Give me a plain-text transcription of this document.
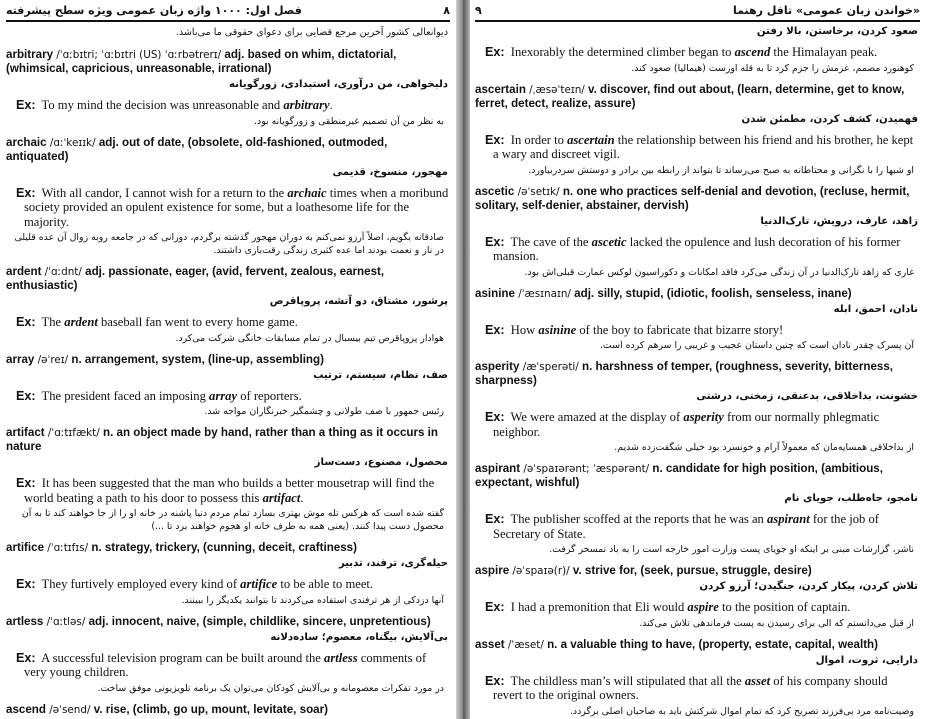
فصل اول: ۱۰۰۰ واژه زبان عمومی ویژه سطح پیشرفته	۸
دیوانعالی کشور آخرین مرجع قضایی برای دعوای حقوقی ما می‌باشد.
arbitrary /ˈɑːbɪtri; ˈɑːbɪtri (US) ˈɑːrbətrerɪ/ adj. based on whim, dictatorial, (whimsical, capricious, unreasonable, irrational)
دلبخواهی، من درآوری، استبدادی، زورگویانه
Ex: To my mind the decision was unreasonable and arbitrary.
به نظر من آن تصمیم غیرمنطقی و زورگویانه بود.
archaic /ɑːˈkeɪɪk/ adj. out of date, (obsolete, old-fashioned, outmoded, antiquated)
مهجور، منسوخ، قدیمی
Ex: With all candor, I cannot wish for a return to the archaic times when a moribund society provided an opulent existence for some, but a loathesome life for the majority.
صادقانه بگویم، اصلاً آرزو نمی‌کنم به دوران مهجور گذشته برگردم، دورانی که در جامعه روبه زوال آن عده قلیلی در ناز و نعمت بودند اما عده کثیری زندگی رقت‌باری داشتند.
ardent /ˈɑːdnt/ adj. passionate, eager, (avid, fervent, zealous, earnest, enthusiastic)
پرشور، مشتاق، دو آتشه، پروپاقرص
Ex: The ardent baseball fan went to every home game.
هوادار پروپاقرص تیم بیسبال در تمام مسابقات خانگی شرکت می‌کرد.
array /əˈreɪ/ n. arrangement, system, (line-up, assembling)
صف، نظام، سیستم، ترتیب
Ex: The president faced an imposing array of reporters.
رئیس جمهور با صف طولانی و چشمگیر خبرنگاران مواجه شد.
artifact /ˈɑːtɪfækt/ n. an object made by hand, rather than a thing as it occurs in nature
محصول، مصنوع، دست‌ساز
Ex: It has been suggested that the man who builds a better mousetrap will find the world beating a path to his door to possess this artifact.
گفته شده است که هرکس تله موش بهتری بسازد تمام مردم دنیا پاشنه در خانه او را از جا خواهند کند تا به آن محصول دست پیدا کنند. (یعنی همه به طرف خانه او هجوم خواهند برد تا ...)
artifice /ˈɑːtɪfɪs/ n. strategy, trickery, (cunning, deceit, craftiness)
حیله‌گری، ترفند، تدبیر
Ex: They furtively employed every kind of artifice to be able to meet.
آنها دزدکی از هر ترفندی استفاده می‌کردند تا بتوانند یکدیگر را ببینند.
artless /ˈɑːtləs/ adj. innocent, naive, (simple, childlike, sincere, unpretentious)
بی‌آلایش، بیگناه، معصوم؛ ساده‌دلانه
Ex: A successful television program can be built around the artless comments of very young children.
در مورد تفکرات معصومانه و بی‌آلایش کودکان می‌توان یک برنامه تلویزیونی موفق ساخت.
ascend /əˈsend/ v. rise, (climb, go up, mount, levitate, soar)
۹	«خواندن زبان عمومی» تافل رهنما
صعود کردن، برخاستن، بالا رفتن
Ex: Inexorably the determined climber began to ascend the Himalayan peak.
کوهنورد مصمم، عزمش را جزم کرد تا به قله اورست (هیمالیا) صعود کند.
ascertain /ˌæsəˈteɪn/ v. discover, find out about, (learn, determine, get to know, ferret, detect, realize, assure)
فهمیدن، کشف کردن، مطمئن شدن
Ex: In order to ascertain the relationship between his friend and his brother, he kept a wary and discreet vigil.
او شبها را با نگرانی و محتاطانه به صبح می‌رساند تا بتواند از رابطه بین برادر و دوستش سردربیاورد.
ascetic /əˈsetɪk/ n. one who practices self-denial and devotion, (recluse, hermit, solitary, self-denier, abstainer, dervish)
زاهد، عارف، درویش، تارک‌الدنیا
Ex: The cave of the ascetic lacked the opulence and lush decoration of his former mansion.
غاری که زاهد تارک‌الدنیا در آن زندگی می‌کرد فاقد امکانات و دکوراسیون لوکس عمارت قبلی‌اش بود.
asinine /ˈæsɪnaɪn/ adj. silly, stupid, (idiotic, foolish, senseless, inane)
نادان، احمق، ابله
Ex: How asinine of the boy to fabricate that bizarre story!
آن پسرک چقدر نادان است که چنین داستان عجیب و غریبی را سرهم کرده است.
asperity /æˈsperəti/ n. harshness of temper, (roughness, severity, bitterness, sharpness)
خشونت، بداخلاقی، بدعنقی، زمختی، درشتی
Ex: We were amazed at the display of asperity from our normally phlegmatic neighbor.
از بداخلاقی همسایه‌مان که معمولاً آرام و خونسرد بود خیلی شگفت‌زده شدیم.
aspirant /əˈspaɪərənt; ˈæspərənt/ n. candidate for high position, (ambitious, expectant, wishful)
نامجو، جاه‌طلب، جویای نام
Ex: The publisher scoffed at the reports that he was an aspirant for the job of Secretary of State.
ناشر، گزارشات مبنی بر اینکه او جویای پست وزارت امور خارجه است را به باد تمسخر گرفت.
aspire /əˈspaɪə(r)/ v. strive for, (seek, pursue, struggle, desire)
تلاش کردن، پیکار کردن، جنگیدن؛ آرزو کردن
Ex: I had a premonition that Eli would aspire to the position of captain.
از قبل می‌دانستم که الی برای رسیدن به پست فرماندهی تلاش می‌کند.
asset /ˈæset/ n. a valuable thing to have, (property, estate, capital, wealth)
دارایی، ثروت، اموال
Ex: The childless man’s will stipulated that all the asset of his company should revert to the original owners.
وصیت‌نامه مرد بی‌فرزند تصریح کرد که تمام اموال شرکتش باید به صاحبان اصلی برگردد.
